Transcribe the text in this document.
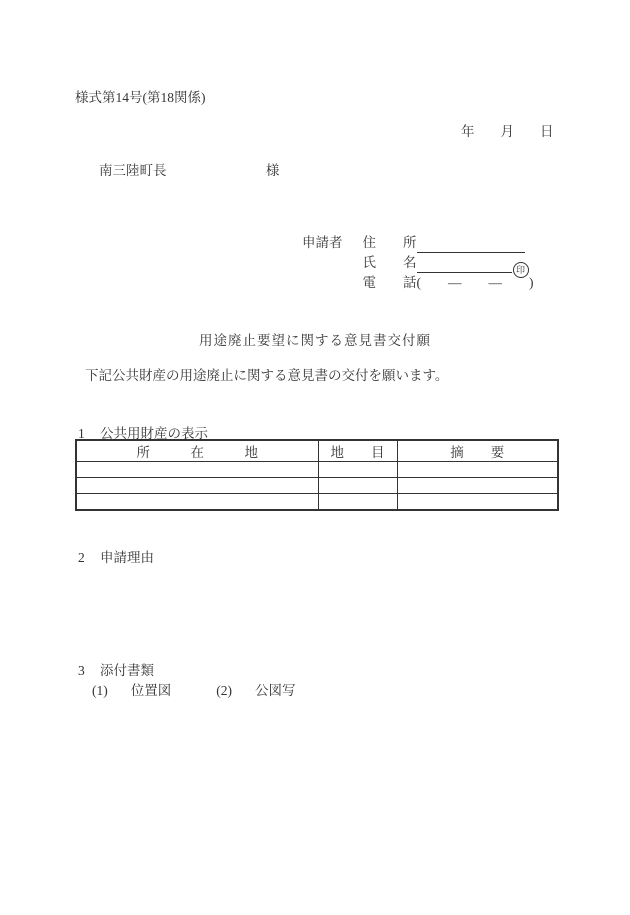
様式第14号(第18関係)
年 月 日
南三陸町長	様
申請者 住　　所
氏　　名	印
電　　話(　　―　　―　　)
用途廃止要望に関する意見書交付願
下記公共財産の用途廃止に関する意見書の交付を願います。
1 公共用財産の表示
所　　　在　　　地	地　　目	摘　　要

2 申請理由
3 添付書類
(1) 位置図	(2) 公図写
